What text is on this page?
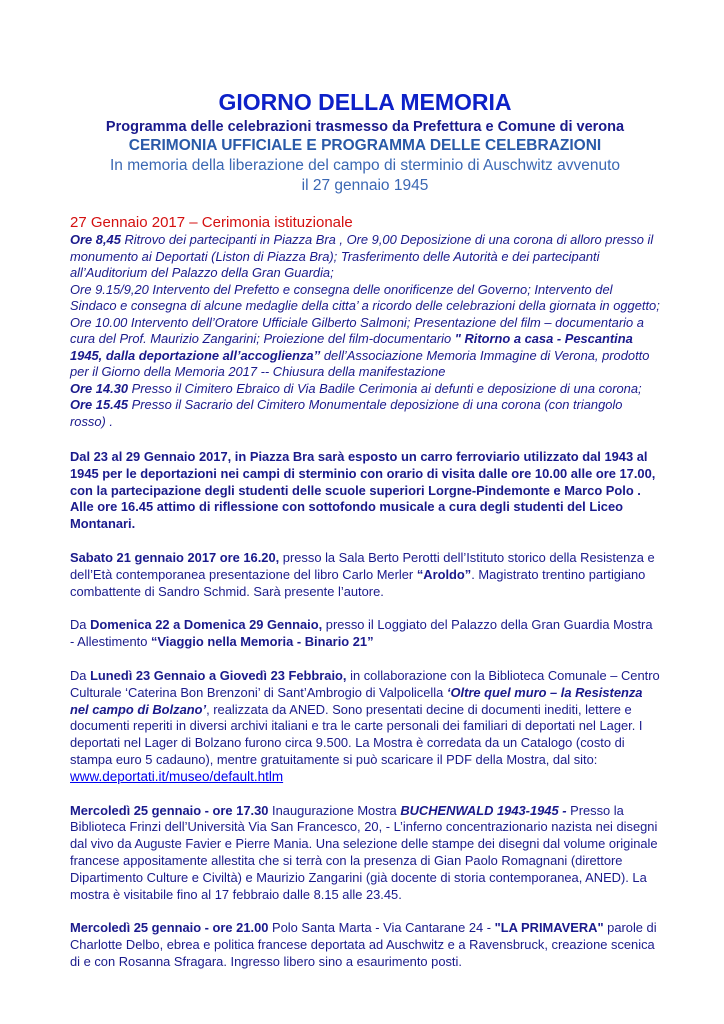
GIORNO DELLA MEMORIA
Programma delle celebrazioni trasmesso da Prefettura e Comune di verona
CERIMONIA UFFICIALE E PROGRAMMA DELLE CELEBRAZIONI
In memoria della liberazione del campo di sterminio di Auschwitz avvenuto
il 27 gennaio 1945
27 Gennaio 2017 – Cerimonia istituzionale

Ore 8,45 Ritrovo dei partecipanti in Piazza Bra , Ore 9,00 Deposizione di una corona di alloro presso il monumento ai Deportati (Liston di Piazza Bra); Trasferimento delle Autorità e dei partecipanti all’Auditorium del Palazzo della Gran Guardia;

Ore 9.15/9,20 Intervento del Prefetto e consegna delle onorificenze del Governo; Intervento del Sindaco e consegna di alcune medaglie della citta’ a ricordo delle celebrazioni della giornata in oggetto;

Ore 10.00 Intervento dell’Oratore Ufficiale Gilberto Salmoni; Presentazione del film – documentario a cura del Prof. Maurizio Zangarini; Proiezione del film-documentario " Ritorno a casa - Pescantina 1945, dalla deportazione all’accoglienza’’ dell’Associazione Memoria Immagine di Verona, prodotto per il Giorno della Memoria 2017 -- Chiusura della manifestazione

Ore 14.30 Presso il Cimitero Ebraico di Via Badile Cerimonia ai defunti e deposizione di una corona;

Ore 15.45 Presso il Sacrario del Cimitero Monumentale deposizione di una corona (con triangolo rosso) .

Dal 23 al 29 Gennaio 2017, in Piazza Bra sarà esposto un carro ferroviario utilizzato dal 1943 al 1945 per le deportazioni nei campi di sterminio con orario di visita dalle ore 10.00 alle ore 17.00, con la partecipazione degli studenti delle scuole superiori Lorgne-Pindemonte e Marco Polo . Alle ore 16.45 attimo di riflessione con sottofondo musicale a cura degli studenti del Liceo Montanari.

Sabato 21 gennaio 2017 ore 16.20, presso la Sala Berto Perotti dell’Istituto storico della Resistenza e dell’Età contemporanea presentazione del libro Carlo Merler “Aroldo”. Magistrato trentino partigiano combattente di Sandro Schmid. Sarà presente l’autore.

Da Domenica 22 a Domenica 29 Gennaio, presso il Loggiato del Palazzo della Gran Guardia Mostra - Allestimento “Viaggio nella Memoria - Binario 21”

Da Lunedì 23 Gennaio a Giovedì 23 Febbraio, in collaborazione con la Biblioteca Comunale – Centro Culturale ‘Caterina Bon Brenzoni’ di Sant’Ambrogio di Valpolicella ‘Oltre quel muro – la Resistenza nel campo di Bolzano’, realizzata da ANED. Sono presentati decine di documenti inediti, lettere e documenti reperiti in diversi archivi italiani e tra le carte personali dei familiari di deportati nel Lager. I deportati nel Lager di Bolzano furono circa 9.500. La Mostra è corredata da un Catalogo (costo di stampa euro 5 cadauno), mentre gratuitamente si può scaricare il PDF della Mostra, dal sito: www.deportati.it/museo/default.htlm

Mercoledì 25 gennaio - ore 17.30 Inaugurazione Mostra BUCHENWALD 1943-1945 - Presso la Biblioteca Frinzi dell’Università Via San Francesco, 20, - L’inferno concentrazionario nazista nei disegni dal vivo da Auguste Favier e Pierre Mania. Una selezione delle stampe dei disegni dal volume originale francese appositamente allestita che si terrà con la presenza di Gian Paolo Romagnani (direttore Dipartimento Culture e Civiltà) e Maurizio Zangarini (già docente di storia contemporanea, ANED). La mostra è visitabile fino al 17 febbraio dalle 8.15 alle 23.45.

Mercoledì 25 gennaio - ore 21.00 Polo Santa Marta - Via Cantarane 24 - "LA PRIMAVERA" parole di Charlotte Delbo, ebrea e politica francese deportata ad Auschwitz e a Ravensbruck, creazione scenica di e con Rosanna Sfragara. Ingresso libero sino a esaurimento posti.
